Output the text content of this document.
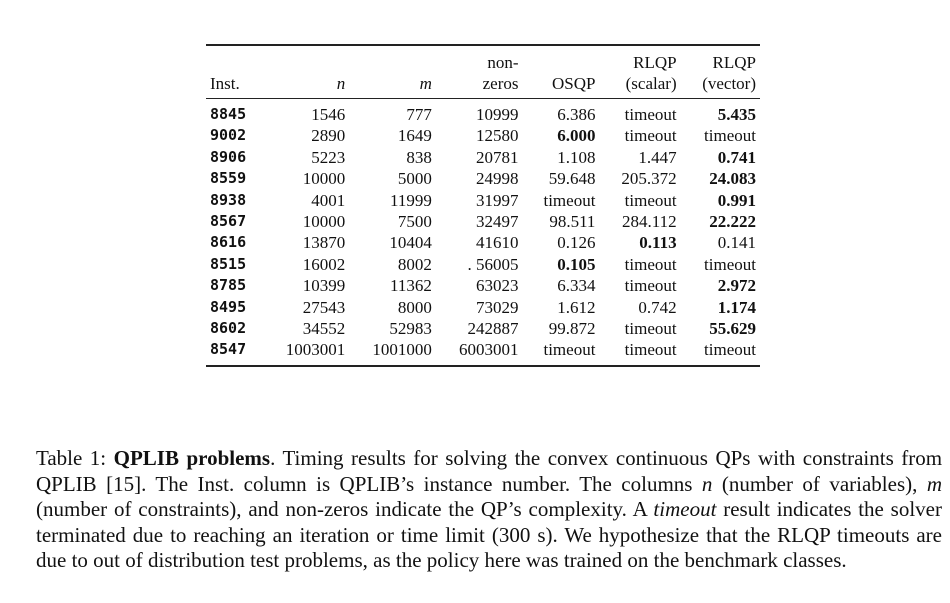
			non-		RLQP	RLQP
Inst.	n	m	zeros	OSQP	(scalar)	(vector)
8845	1546	777	10999	6.386	timeout	5.435
9002	2890	1649	12580	6.000	timeout	timeout
8906	5223	838	20781	1.108	1.447	0.741
8559	10000	5000	24998	59.648	205.372	24.083
8938	4001	11999	31997	timeout	timeout	0.991
8567	10000	7500	32497	98.511	284.112	22.222
8616	13870	10404	41610	0.126	0.113	0.141
8515	16002	8002	. 56005	0.105	timeout	timeout
8785	10399	11362	63023	6.334	timeout	2.972
8495	27543	8000	73029	1.612	0.742	1.174
8602	34552	52983	242887	99.872	timeout	55.629
8547	1003001	1001000	6003001	timeout	timeout	timeout

Table 1: QPLIB problems. Timing results for solving the convex continuous QPs with constraints from QPLIB [15]. The Inst. column is QPLIB’s instance number. The columns n (number of variables), m (number of constraints), and non-zeros indicate the QP’s complexity. A timeout result indicates the solver terminated due to reaching an iteration or time limit (300 s). We hypothesize that the RLQP timeouts are due to out of distribution test problems, as the policy here was trained on the benchmark classes.
